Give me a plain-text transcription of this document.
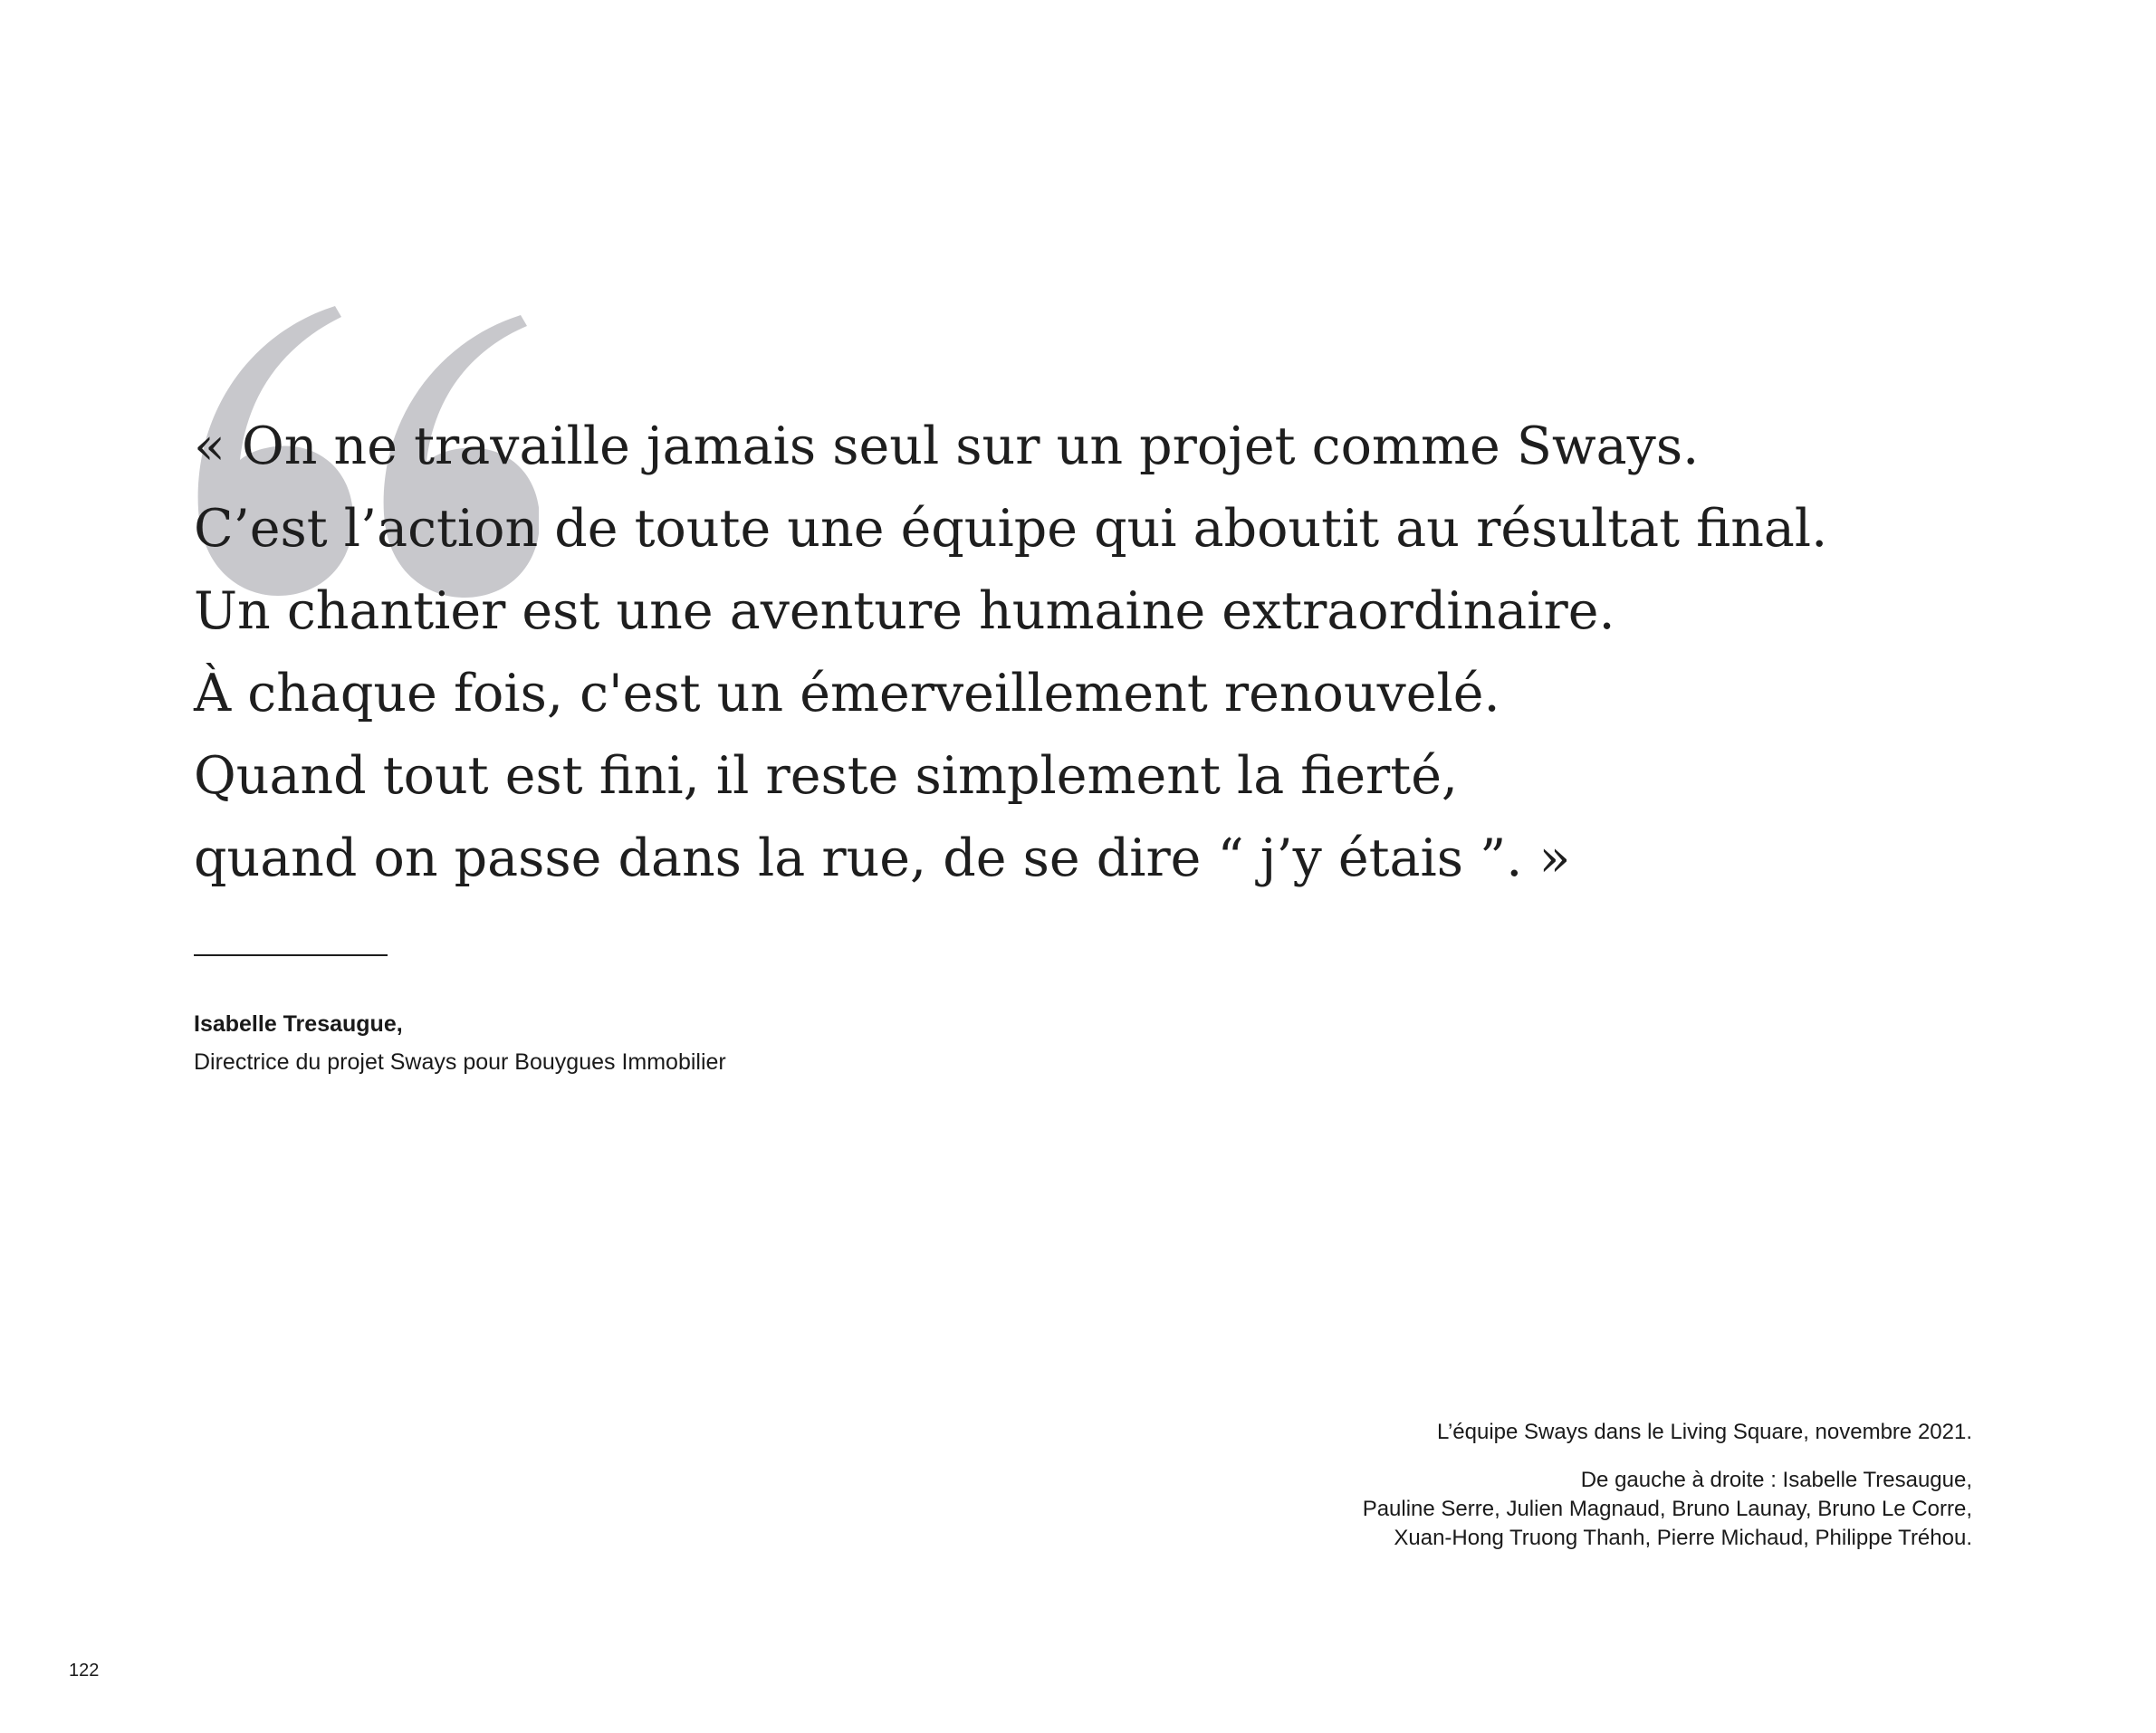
« On ne travaille jamais seul sur un projet comme Sways.
C’est l’action de toute une équipe qui aboutit au résultat final.
Un chantier est une aventure humaine extraordinaire.
À chaque fois, c'est un émerveillement renouvelé.
Quand tout est fini, il reste simplement la fierté,
quand on passe dans la rue, de se dire “ j’y étais ”. »

Isabelle Tresaugue,
Directrice du projet Sways pour Bouygues Immobilier
L’équipe Sways dans le Living Square, novembre 2021.
De gauche à droite : Isabelle Tresaugue,
Pauline Serre, Julien Magnaud, Bruno Launay, Bruno Le Corre,
Xuan-Hong Truong Thanh, Pierre Michaud, Philippe Tréhou.
122
